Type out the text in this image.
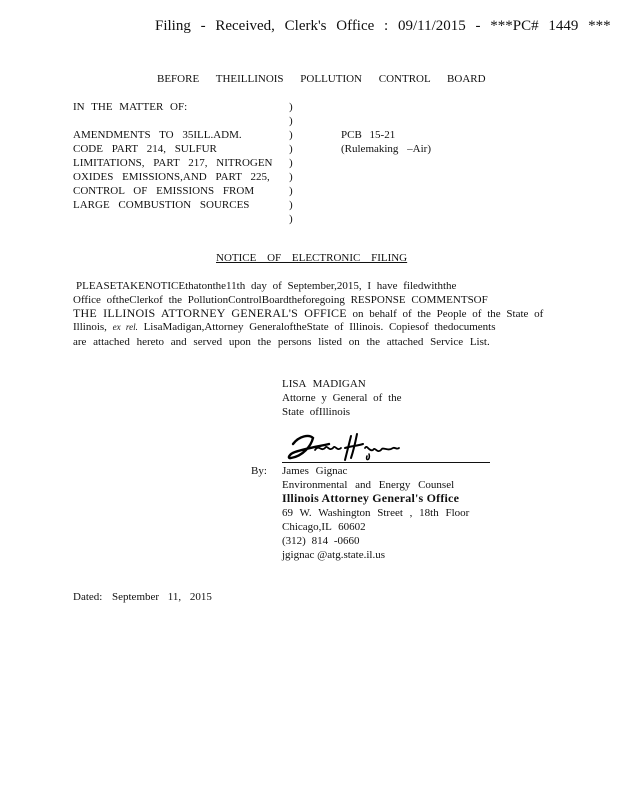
Filing - Received, Clerk's Office : 09/11/2015 - ***PC# 1449 ***
BEFORE THEILLINOIS POLLUTION CONTROL BOARD
IN THE MATTER OF:
AMENDMENTS TO 35ILL.ADM.
CODE PART 214, SULFUR
LIMITATIONS, PART 217, NITROGEN
OXIDES EMISSIONS,AND PART 225,
CONTROL OF EMISSIONS FROM
LARGE COMBUSTION SOURCES
)
)
)
)
)
)
)
)
)
PCB 15-21
(Rulemaking –Air)
NOTICE OF ELECTRONIC FILING
PLEASETAKENOTICEthatonthe11th day of September,2015, I have filedwiththe
Office oftheClerkof the PollutionControlBoardtheforegoing RESPONSE COMMENTSOF
THE ILLINOIS ATTORNEY GENERAL'S OFFICE on behalf of the People of the State of
Illinois, ex rel. LisaMadigan,Attorney GeneraloftheState of Illinois. Copiesof thedocuments
are attached hereto and served upon the persons listed on the attached Service List.
LISA MADIGAN
Attorne y General of the
State ofIllinois
By: James Gignac
Environmental and Energy Counsel
Illinois Attorney General's Office
69 W. Washington Street , 18th Floor
Chicago,IL 60602
(312) 814 -0660
jgignac @atg.state.il.us
Dated: September 11, 2015
